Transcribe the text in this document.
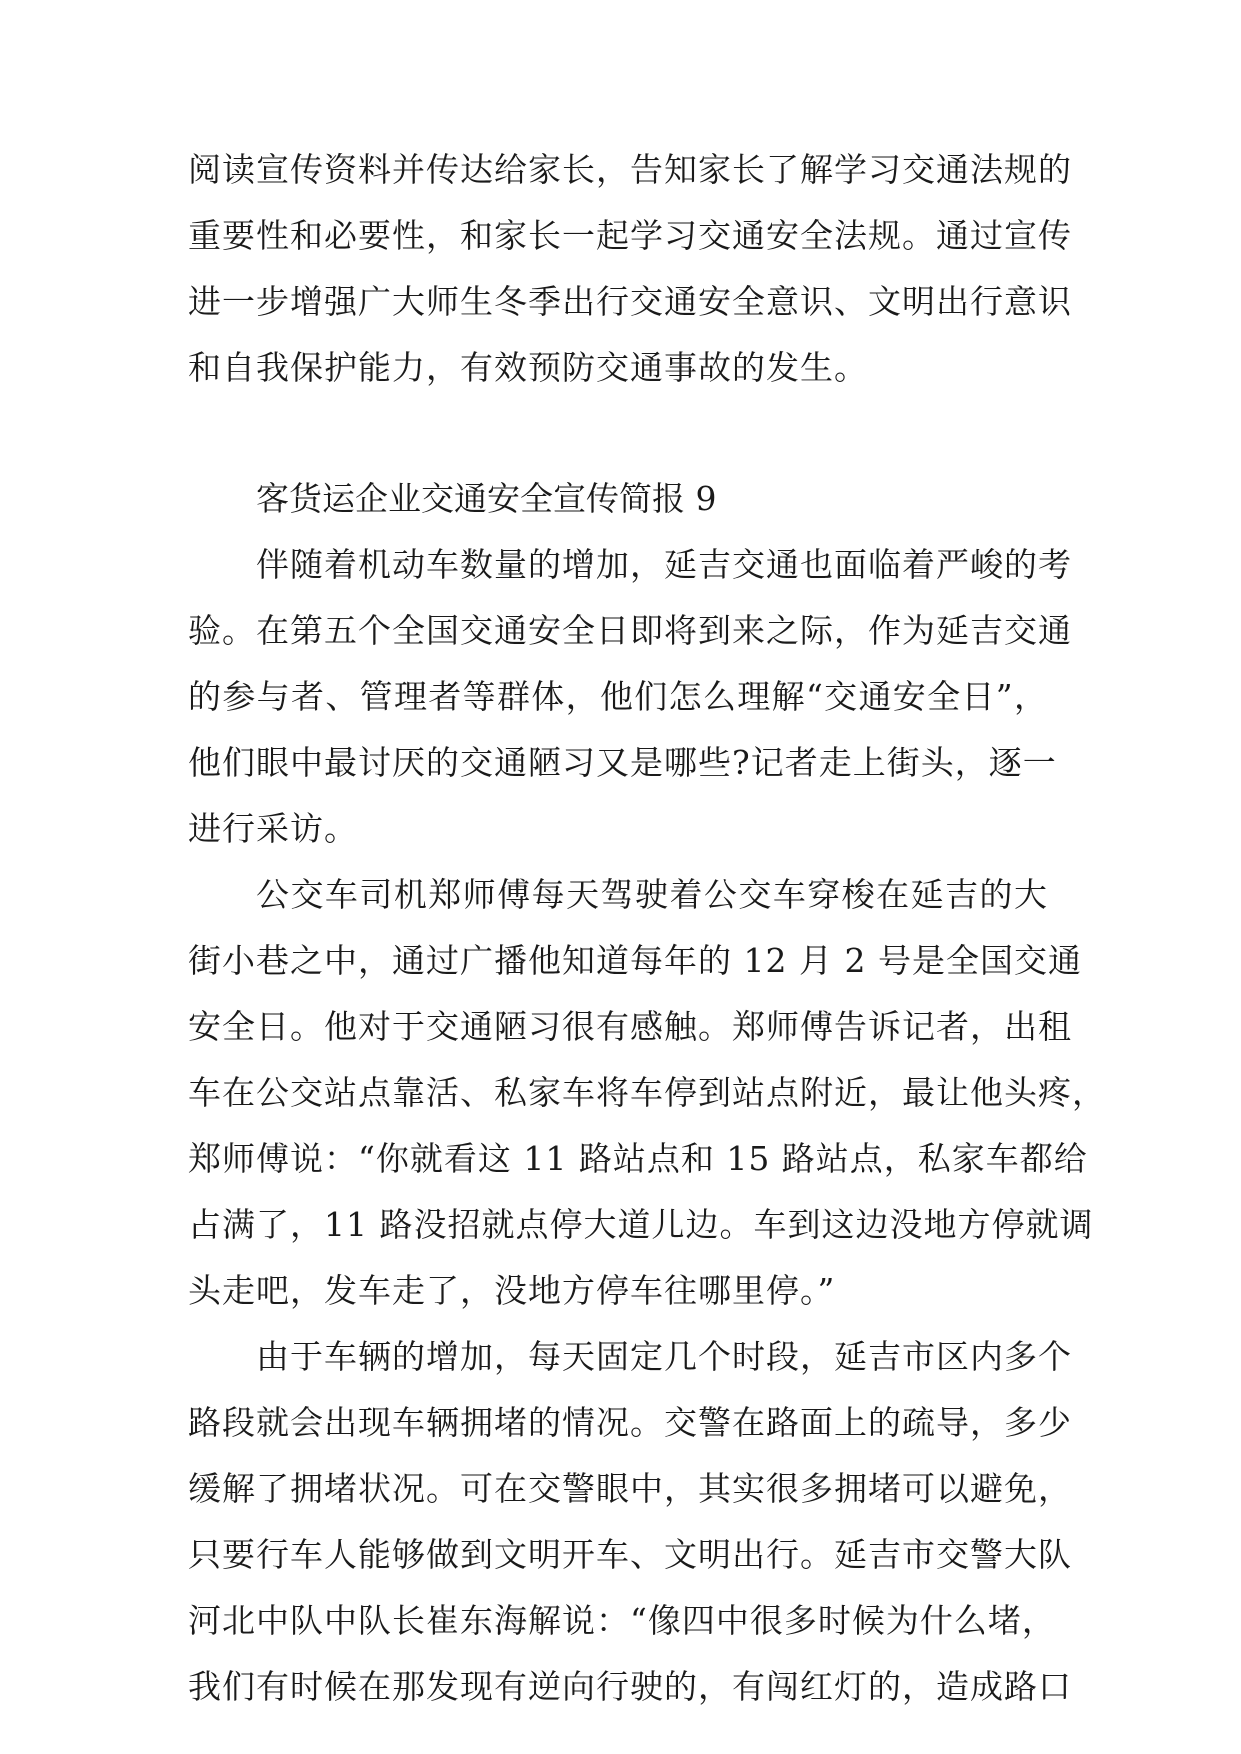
阅读宣传资料并传达给家长，告知家长了解学习交通法规的
重要性和必要性，和家长一起学习交通安全法规。通过宣传
进一步增强广大师生冬季出行交通安全意识、文明出行意识
和自我保护能力，有效预防交通事故的发生。
客货运企业交通安全宣传简报 9
伴随着机动车数量的增加，延吉交通也面临着严峻的考
验。在第五个全国交通安全日即将到来之际，作为延吉交通
的参与者、管理者等群体，他们怎么理解“交通安全日”，
他们眼中最讨厌的交通陋习又是哪些?记者走上街头，逐一
进行采访。
公交车司机郑师傅每天驾驶着公交车穿梭在延吉的大
街小巷之中，通过广播他知道每年的 12 月 2 号是全国交通
安全日。他对于交通陋习很有感触。郑师傅告诉记者，出租
车在公交站点靠活、私家车将车停到站点附近，最让他头疼，
郑师傅说：“你就看这 11 路站点和 15 路站点，私家车都给
占满了，11 路没招就点停大道儿边。车到这边没地方停就调
头走吧，发车走了，没地方停车往哪里停。”
由于车辆的增加，每天固定几个时段，延吉市区内多个
路段就会出现车辆拥堵的情况。交警在路面上的疏导，多少
缓解了拥堵状况。可在交警眼中，其实很多拥堵可以避免，
只要行车人能够做到文明开车、文明出行。延吉市交警大队
河北中队中队长崔东海解说：“像四中很多时候为什么堵，
我们有时候在那发现有逆向行驶的，有闯红灯的，造成路口
